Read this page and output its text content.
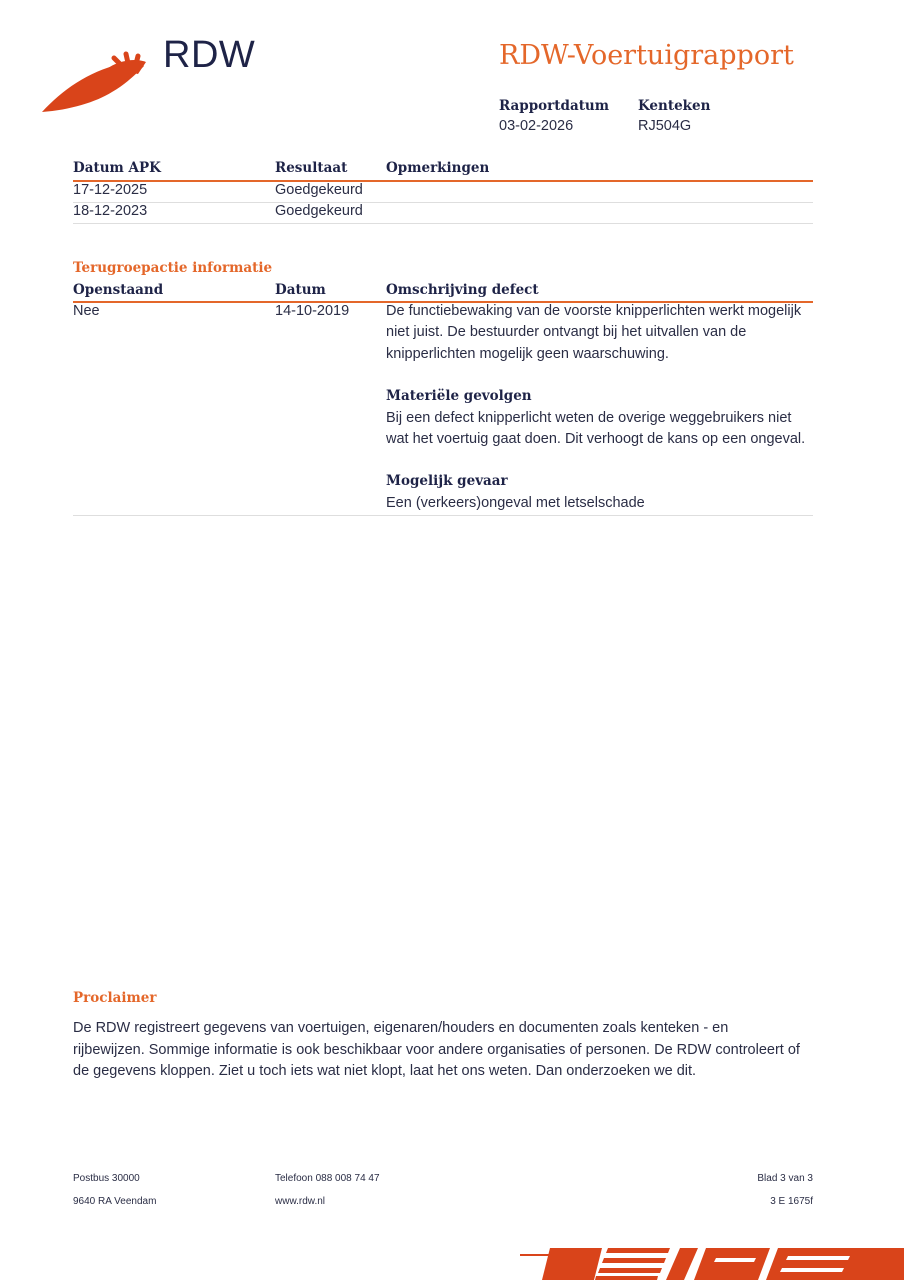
RDW	RDW-Voertuigrapport
Rapportdatum
03-02-2026
Kenteken
RJ504G
Datum APK	Resultaat	Opmerkingen
17-12-2025	Goedgekeurd
18-12-2023	Goedgekeurd
Terugroepactie informatie
Openstaand	Datum	Omschrijving defect
Nee	14-10-2019	De functiebewaking van de voorste knipperlichten werkt mogelijk niet juist. De bestuurder ontvangt bij het uitvallen van de knipperlichten mogelijk geen waarschuwing.
Materiële gevolgen
Bij een defect knipperlicht weten de overige weggebruikers niet wat het voertuig gaat doen. Dit verhoogt de kans op een ongeval.
Mogelijk gevaar
Een (verkeers)ongeval met letselschade
Proclaimer
De RDW registreert gegevens van voertuigen, eigenaren/houders en documenten zoals kenteken - en rijbewijzen. Sommige informatie is ook beschikbaar voor andere organisaties of personen. De RDW controleert of de gegevens kloppen. Ziet u toch iets wat niet klopt, laat het ons weten. Dan onderzoeken we dit.
Postbus 30000
9640 RA Veendam
Telefoon 088 008 74 47
www.rdw.nl
Blad 3 van 3
3 E 1675f
